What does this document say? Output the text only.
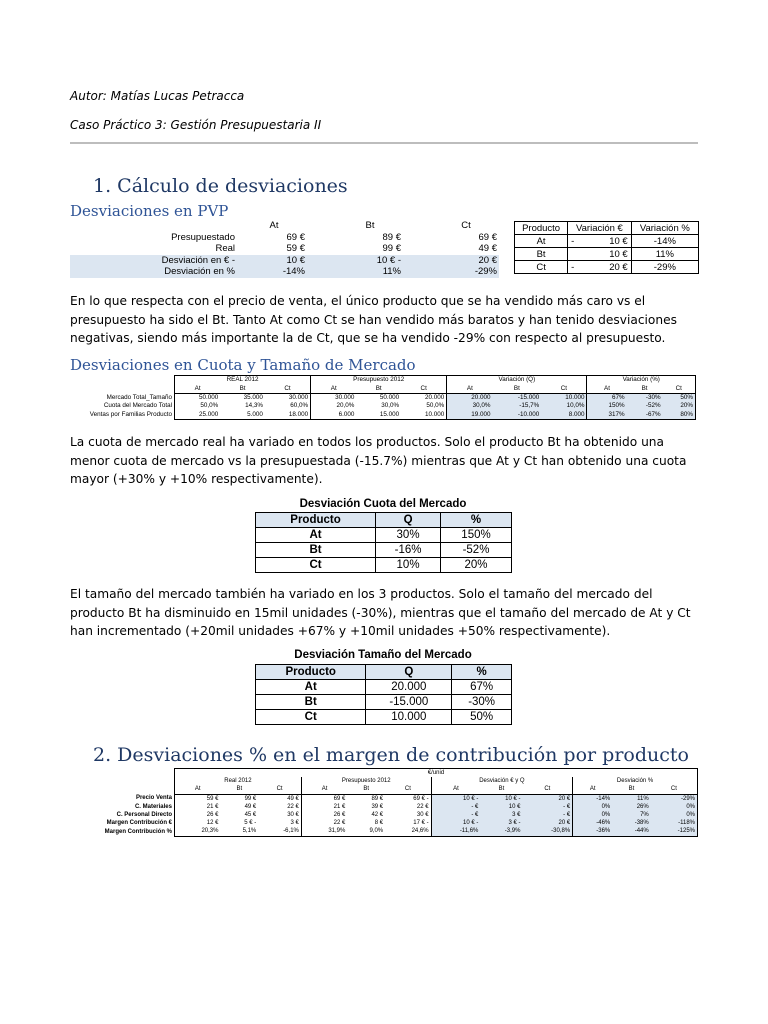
Autor: Matías Lucas Petracca
Caso Práctico 3: Gestión Presupuestaria II
1. Cálculo de desviaciones
Desviaciones en PVP
	At		Bt		Ct
Presupuestado	69 €		89 €		69 €
Real	59 €		99 €		49 €
Desviación en € -	10 €		10 € -		20 €
Desviación en %	-14%		11%		-29%
Producto	Variación €		Variación %
At	-	10 €	-14%
Bt		10 €	11%
Ct	-	20 €	-29%

En lo que respecta con el precio de venta, el único producto que se ha vendido más caro vs el presupuesto ha sido el Bt. Tanto At como Ct se han vendido más baratos y han tenido desviaciones negativas, siendo más importante la de Ct, que se ha vendido -29% con respecto al presupuesto.

Desviaciones en Cuota y Tamaño de Mercado
	REAL 2012			Presupuesto 2012			Variación (Q)			Variación (%)		
	At	Bt	Ct	At	Bt	Ct	At	Bt	Ct	At	Bt	Ct
Mercado Total_Tamaño	50.000	35.000	30.000	30.000	50.000	20.000	20.000	-15.000	10.000	67%	-30%	50%
Cuota del Mercado Total	50,0%	14,3%	60,0%	20,0%	30,0%	50,0%	30,0%	-15,7%	10,0%	150%	-52%	20%
Ventas por Familias Producto	25.000	5.000	18.000	6.000	15.000	10.000	19.000	-10.000	8.000	317%	-67%	80%

La cuota de mercado real ha variado en todos los productos. Solo el producto Bt ha obtenido una menor cuota de mercado vs la presupuestada (-15.7%) mientras que At y Ct han obtenido una cuota mayor (+30% y +10% respectivamente).

Desviación Cuota del Mercado
Producto	Q	%
At	30%	150%
Bt	-16%	-52%
Ct	10%	20%

El tamaño del mercado también ha variado en los 3 productos. Solo el tamaño del mercado del producto Bt ha disminuido en 15mil unidades (-30%), mientras que el tamaño del mercado de At y Ct han incrementado (+20mil unidades +67% y +10mil unidades +50% respectivamente).

Desviación Tamaño del Mercado
Producto	Q	%
At	20.000	67%
Bt	-15.000	-30%
Ct	10.000	50%
2. Desviaciones % en el margen de contribución por producto
	€/unid											
	Real 2012			Presupuesto 2012			Desviación € y Q			Desviación %		
	At	Bt	Ct	At	Bt	Ct	At	Bt	Ct	At	Bt	Ct
Precio Venta	59 €	99 €	49 €	69 €	89 €	69 € -	10 € -	10 € -	20 €	-14%	11%	-29%
C. Materiales	21 €	49 €	22 €	21 €	39 €	22 €	- €	10 €	- €	0%	26%	0%
C. Personal Directo	26 €	45 €	30 €	26 €	42 €	30 €	- €	3 €	- €	0%	7%	0%
Margen Contribución €	12 €	5 € -	3 €	22 €	8 €	17 € -	10 € -	3 € -	20 €	-46%	-38%	-118%
Margen Contribución %	20,3%	5,1%	-6,1%	31,9%	9,0%	24,6%	-11,6%	-3,9%	-30,8%	-36%	-44%	-125%
